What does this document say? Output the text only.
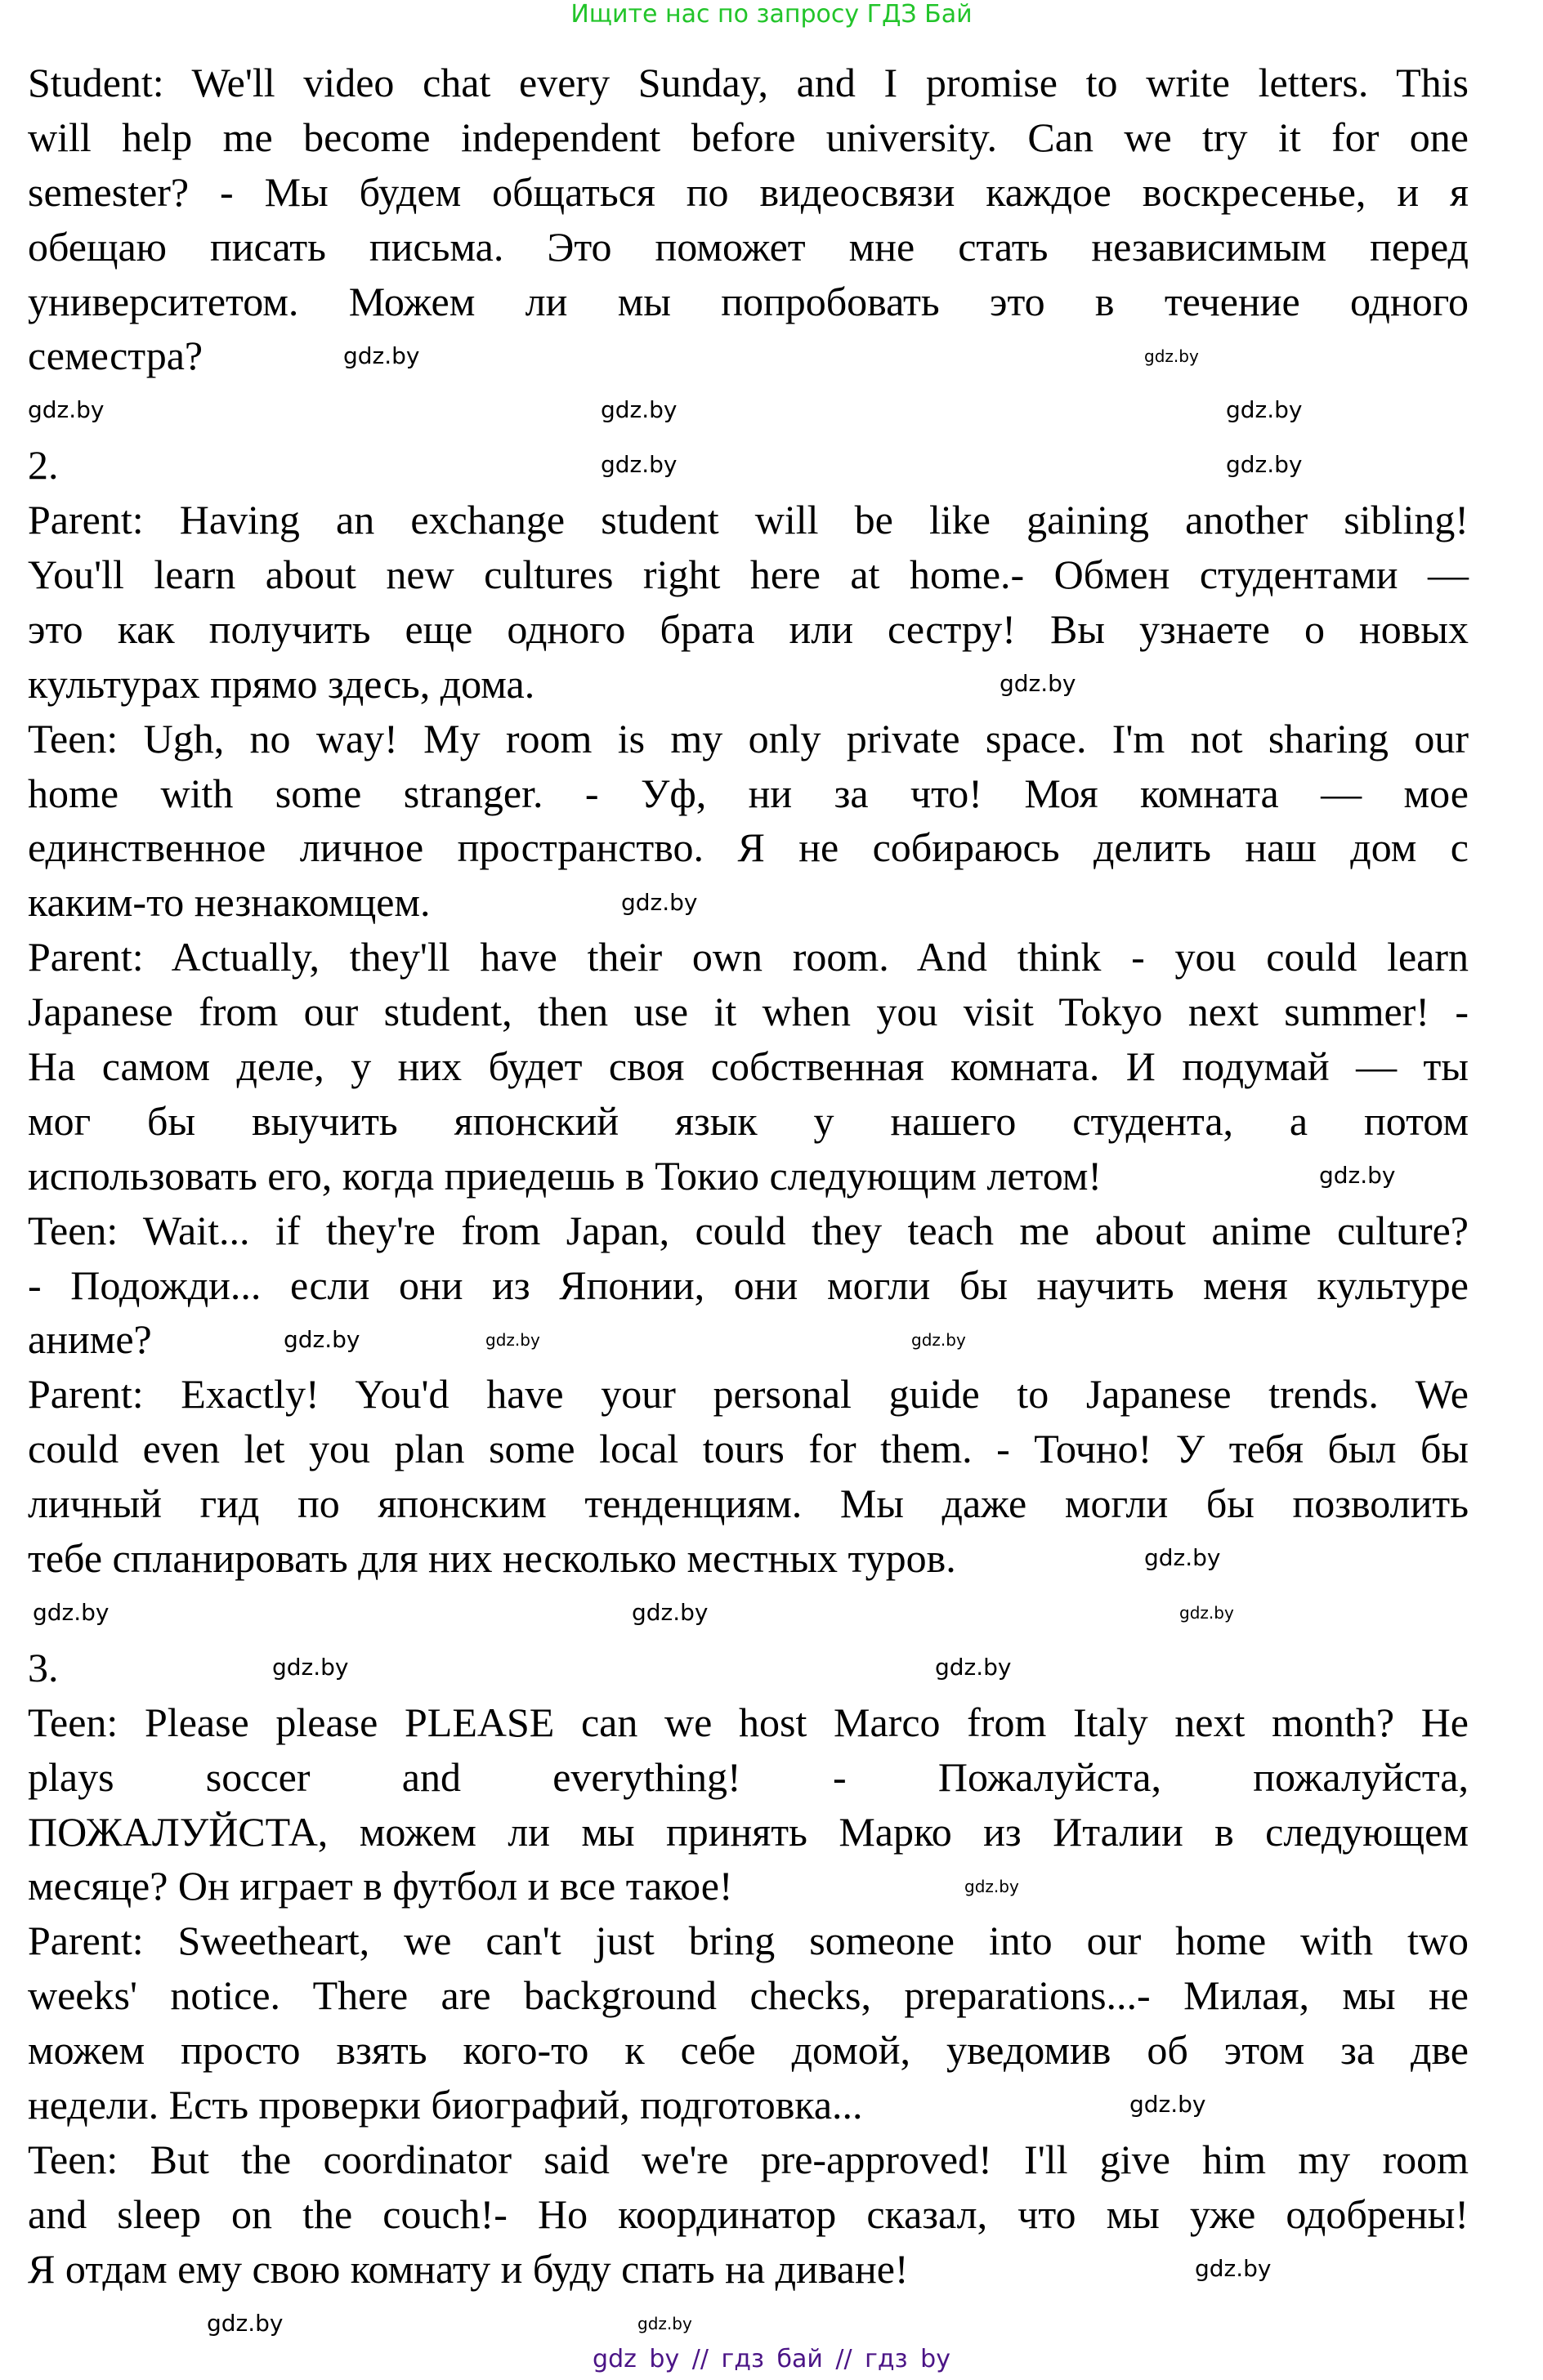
Ищите нас по запросу ГДЗ Бай
Student: We'll video chat every Sunday, and I promise to write letters. This
will help me become independent before university. Can we try it for one
semester? - Мы будем общаться по видеосвязи каждое воскресенье, и я
обещаю писать письма. Это поможет мне стать независимым перед
университетом. Можем ли мы попробовать это в течение одного
семестра?
2.
Parent: Having an exchange student will be like gaining another sibling!
You'll learn about new cultures right here at home.- Обмен студентами —
это как получить еще одного брата или сестру! Вы узнаете о новых
культурах прямо здесь, дома.
Teen: Ugh, no way! My room is my only private space. I'm not sharing our
home with some stranger. - Уф, ни за что! Моя комната — мое
единственное личное пространство. Я не собираюсь делить наш дом с
каким-то незнакомцем.
Parent: Actually, they'll have their own room. And think - you could learn
Japanese from our student, then use it when you visit Tokyo next summer! -
На самом деле, у них будет своя собственная комната. И подумай — ты
мог бы выучить японский язык у нашего студента, а потом
использовать его, когда приедешь в Токио следующим летом!
Teen: Wait... if they're from Japan, could they teach me about anime culture?
- Подожди... если они из Японии, они могли бы научить меня культуре
аниме?
Parent: Exactly! You'd have your personal guide to Japanese trends. We
could even let you plan some local tours for them. - Точно! У тебя был бы
личный гид по японским тенденциям. Мы даже могли бы позволить
тебе спланировать для них несколько местных туров.
3.
Teen: Please please PLEASE can we host Marco from Italy next month? He
plays soccer and everything! - Пожалуйста, пожалуйста,
ПОЖАЛУЙСТА, можем ли мы принять Марко из Италии в следующем
месяце? Он играет в футбол и все такое!
Parent: Sweetheart, we can't just bring someone into our home with two
weeks' notice. There are background checks, preparations...- Милая, мы не
можем просто взять кого-то к себе домой, уведомив об этом за две
недели. Есть проверки биографий, подготовка...
Teen: But the coordinator said we're pre-approved! I'll give him my room
and sleep on the couch!- Но координатор сказал, что мы уже одобрены!
Я отдам ему свою комнату и буду спать на диване!
gdz.by	gdz.by
gdz.by	gdz.by	gdz.by
gdz.by	gdz.by
gdz.by
gdz.by
gdz.by
gdz.by	gdz.by	gdz.by
gdz.by
gdz.by	gdz.by	gdz.by
gdz.by	gdz.by
gdz.by
gdz.by
gdz.by
gdz.by	gdz.by
gdz by // гдз бай // гдз by
